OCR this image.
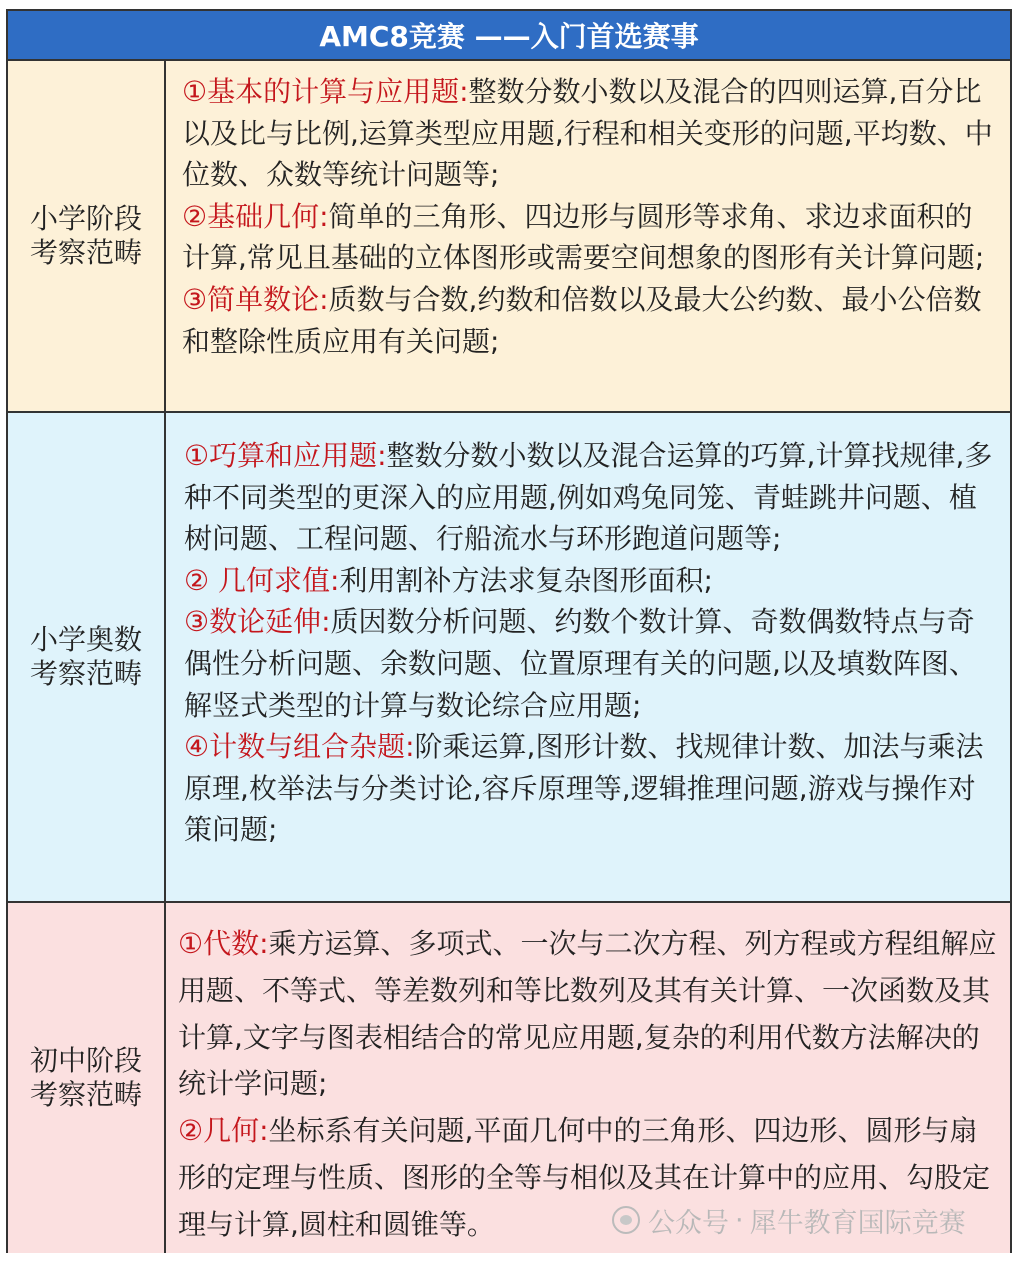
AMC8竞赛 ——入门首选赛事
小学阶段
考察范畴

①基本的计算与应用题:整数分数小数以及混合的四则运算,百分比以及比与比例,运算类型应用题,行程和相关变形的问题,平均数、中位数、众数等统计问题等;

②基础几何:简单的三角形、四边形与圆形等求角、求边求面积的计算,常见且基础的立体图形或需要空间想象的图形有关计算问题;

③简单数论:质数与合数,约数和倍数以及最大公约数、最小公倍数和整除性质应用有关问题;

小学奥数
考察范畴

①巧算和应用题:整数分数小数以及混合运算的巧算,计算找规律,多种不同类型的更深入的应用题,例如鸡兔同笼、青蛙跳井问题、植树问题、工程问题、行船流水与环形跑道问题等;

② 几何求值:利用割补方法求复杂图形面积;

③数论延伸:质因数分析问题、约数个数计算、奇数偶数特点与奇偶性分析问题、余数问题、位置原理有关的问题,以及填数阵图、解竖式类型的计算与数论综合应用题;

④计数与组合杂题:阶乘运算,图形计数、找规律计数、加法与乘法原理,枚举法与分类讨论,容斥原理等,逻辑推理问题,游戏与操作对策问题;

初中阶段
考察范畴

①代数:乘方运算、多项式、一次与二次方程、列方程或方程组解应用题、不等式、等差数列和等比数列及其有关计算、一次函数及其计算,文字与图表相结合的常见应用题,复杂的利用代数方法解决的统计学问题;

②几何:坐标系有关问题,平面几何中的三角形、四边形、圆形与扇形的定理与性质、图形的全等与相似及其在计算中的应用、勾股定理与计算,圆柱和圆锥等。	公众号 · 犀牛教育国际竞赛
